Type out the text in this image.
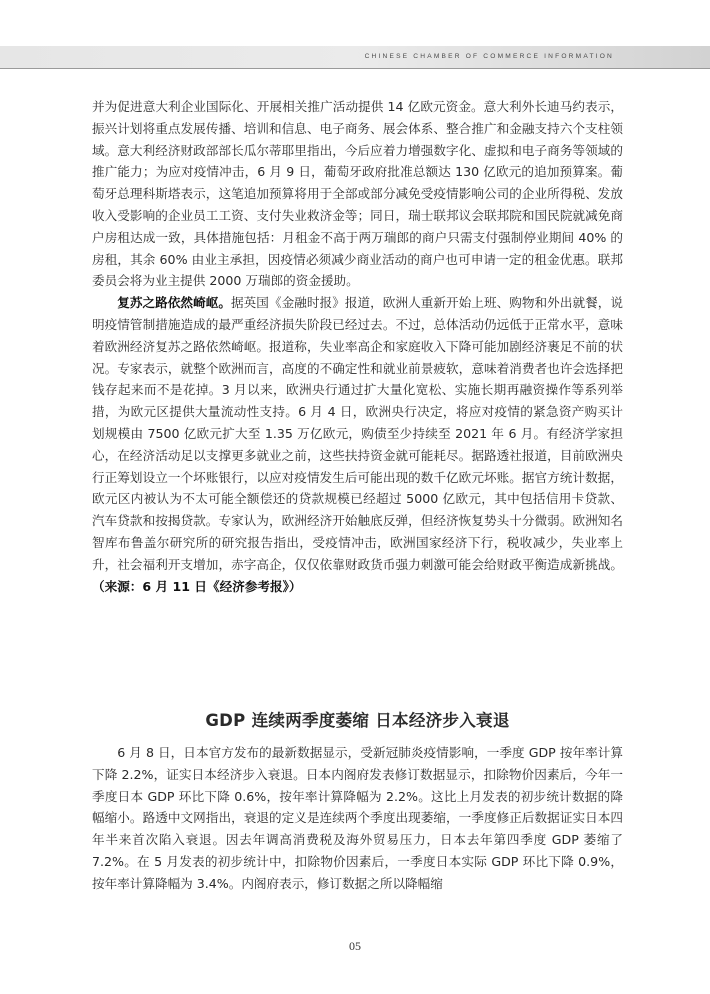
CHINESE CHAMBER OF COMMERCE INFORMATION

并为促进意大利企业国际化、开展相关推广活动提供 14 亿欧元资金。意大利外长迪马约表示，振兴计划将重点发展传播、培训和信息、电子商务、展会体系、整合推广和金融支持六个支柱领域。意大利经济财政部部长瓜尔蒂耶里指出，今后应着力增强数字化、虚拟和电子商务等领域的推广能力；为应对疫情冲击，6 月 9 日，葡萄牙政府批准总额达 130 亿欧元的追加预算案。葡萄牙总理科斯塔表示，这笔追加预算将用于全部或部分减免受疫情影响公司的企业所得税、发放收入受影响的企业员工工资、支付失业救济金等；同日，瑞士联邦议会联邦院和国民院就减免商户房租达成一致，具体措施包括：月租金不高于两万瑞郎的商户只需支付强制停业期间 40% 的房租，其余 60% 由业主承担，因疫情必须减少商业活动的商户也可申请一定的租金优惠。联邦委员会将为业主提供 2000 万瑞郎的资金援助。

复苏之路依然崎岖。据英国《金融时报》报道，欧洲人重新开始上班、购物和外出就餐，说明疫情管制措施造成的最严重经济损失阶段已经过去。不过，总体活动仍远低于正常水平，意味着欧洲经济复苏之路依然崎岖。报道称，失业率高企和家庭收入下降可能加剧经济裹足不前的状况。专家表示，就整个欧洲而言，高度的不确定性和就业前景疲软，意味着消费者也许会选择把钱存起来而不是花掉。3 月以来，欧洲央行通过扩大量化宽松、实施长期再融资操作等系列举措，为欧元区提供大量流动性支持。6 月 4 日，欧洲央行决定，将应对疫情的紧急资产购买计划规模由 7500 亿欧元扩大至 1.35 万亿欧元，购债至少持续至 2021 年 6 月。有经济学家担心，在经济活动足以支撑更多就业之前，这些扶持资金就可能耗尽。据路透社报道，目前欧洲央行正筹划设立一个坏账银行，以应对疫情发生后可能出现的数千亿欧元坏账。据官方统计数据，欧元区内被认为不太可能全额偿还的贷款规模已经超过 5000 亿欧元，其中包括信用卡贷款、汽车贷款和按揭贷款。专家认为，欧洲经济开始触底反弹，但经济恢复势头十分微弱。欧洲知名智库布鲁盖尔研究所的研究报告指出，受疫情冲击，欧洲国家经济下行，税收减少，失业率上升，社会福利开支增加，赤字高企，仅仅依靠财政货币强力刺激可能会给财政平衡造成新挑战。（来源：6 月 11 日《经济参考报》）

GDP 连续两季度萎缩 日本经济步入衰退

6 月 8 日，日本官方发布的最新数据显示，受新冠肺炎疫情影响，一季度 GDP 按年率计算下降 2.2%，证实日本经济步入衰退。日本内阁府发表修订数据显示，扣除物价因素后，今年一季度日本 GDP 环比下降 0.6%，按年率计算降幅为 2.2%。这比上月发表的初步统计数据的降幅缩小。路透中文网指出，衰退的定义是连续两个季度出现萎缩，一季度修正后数据证实日本四年半来首次陷入衰退。因去年调高消费税及海外贸易压力，日本去年第四季度 GDP 萎缩了 7.2%。在 5 月发表的初步统计中，扣除物价因素后，一季度日本实际 GDP 环比下降 0.9%，按年率计算降幅为 3.4%。内阁府表示，修订数据之所以降幅缩

05
